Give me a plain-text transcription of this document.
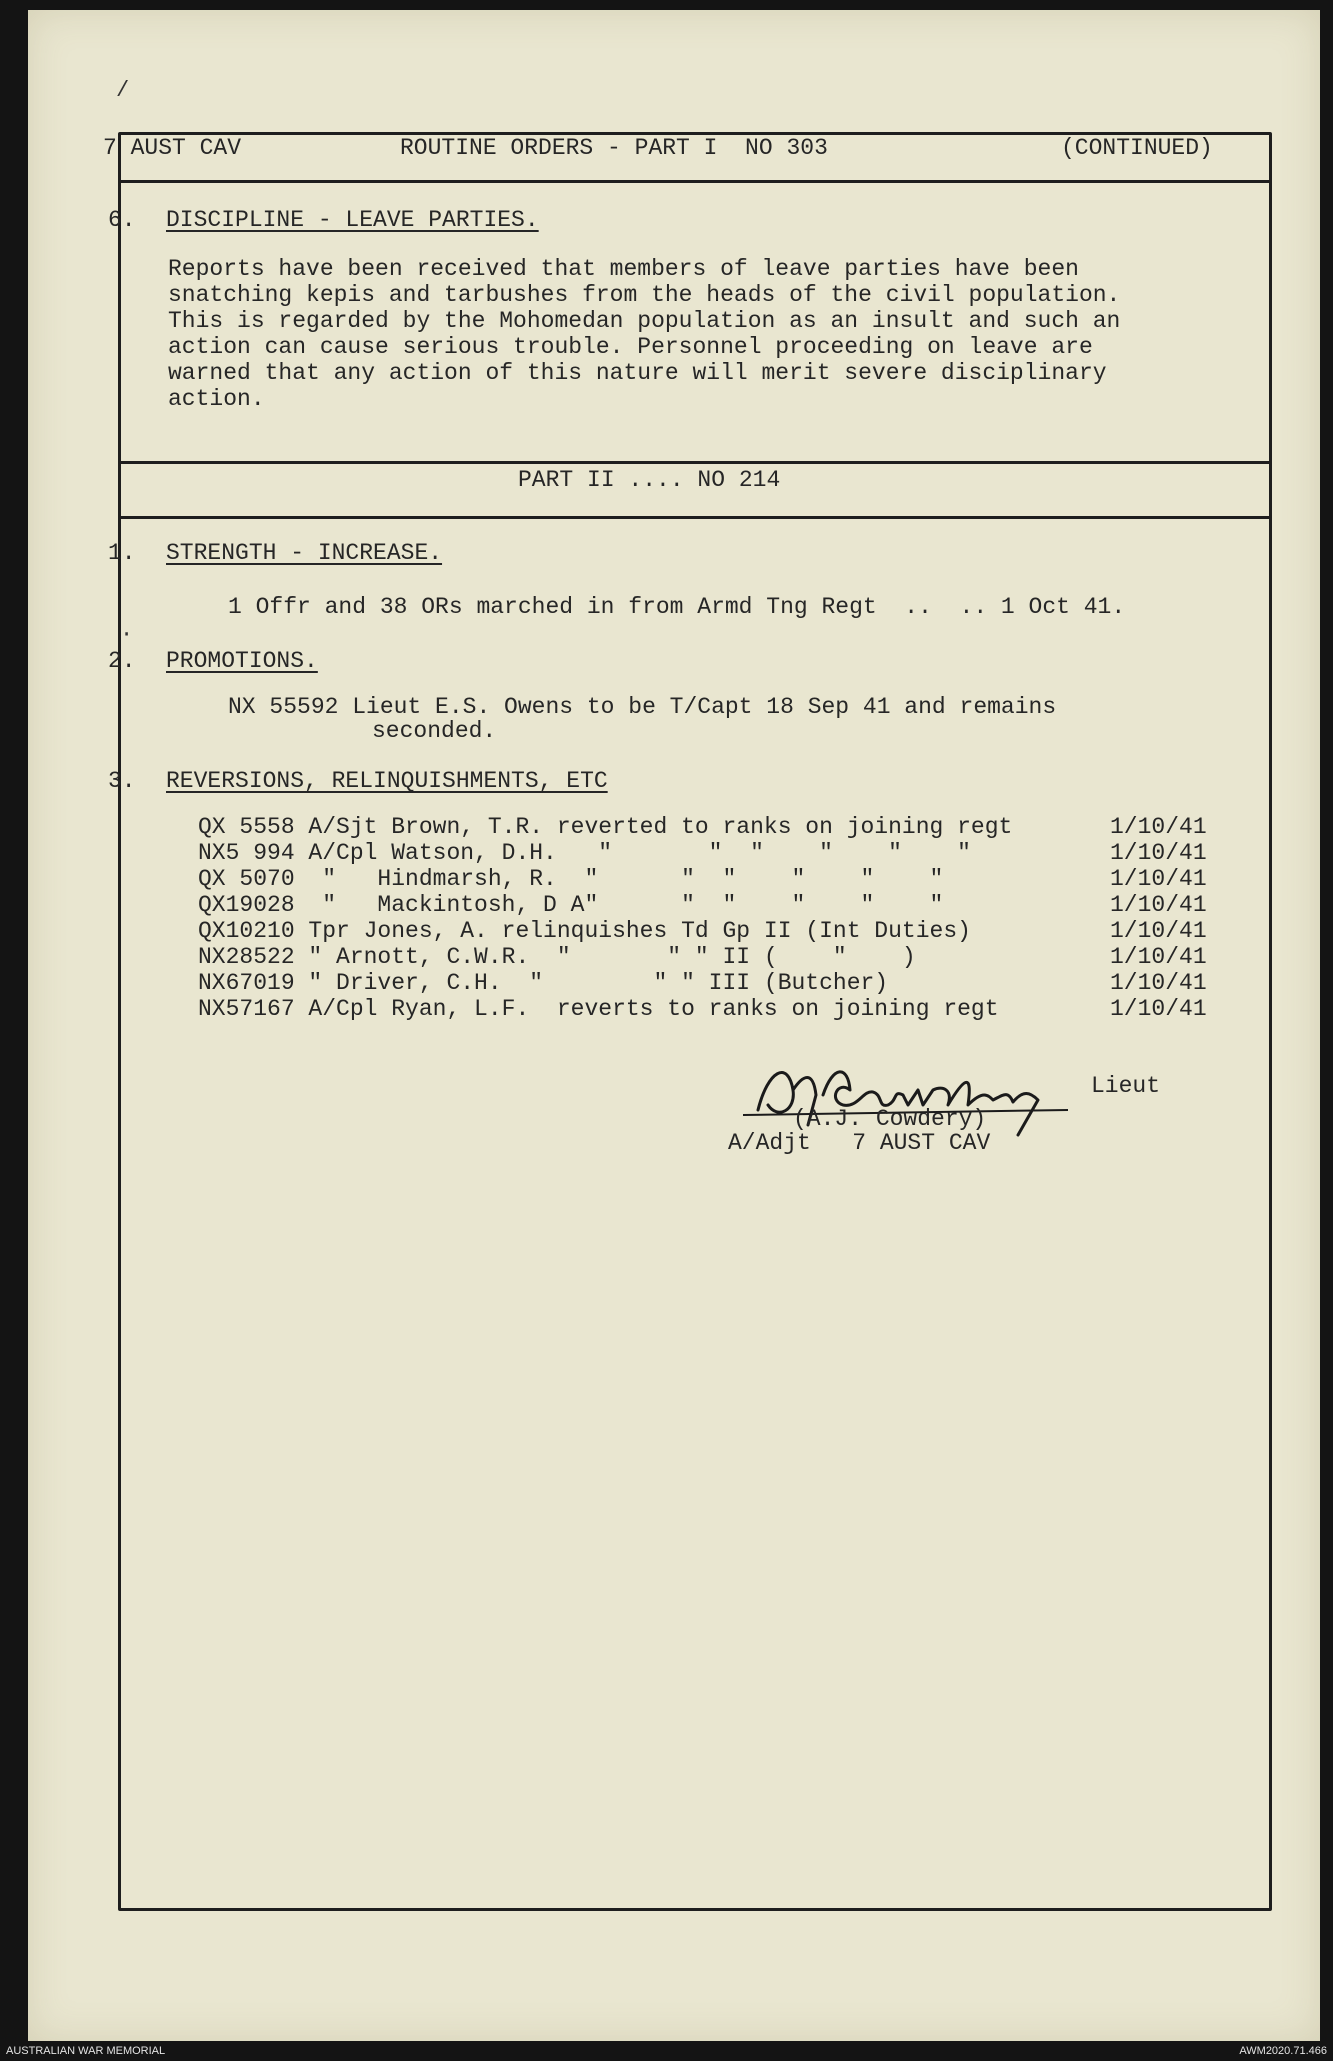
7 AUST CAV	ROUTINE ORDERS - PART I  NO 303	(CONTINUED)
6. DISCIPLINE - LEAVE PARTIES.
Reports have been received that members of leave parties have been
snatching kepis and tarbushes from the heads of the civil population.
This is regarded by the Mohomedan population as an insult and such an
action can cause serious trouble. Personnel proceeding on leave are
warned that any action of this nature will merit severe disciplinary
action.
PART II .... NO 214
1. STRENGTH - INCREASE.
1 Offr and 38 ORs marched in from Armd Tng Regt  ..  .. 1 Oct 41.
2. PROMOTIONS.
NX 55592 Lieut E.S. Owens to be T/Capt 18 Sep 41 and remains
seconded.
3. REVERSIONS, RELINQUISHMENTS, ETC
QX 5558 A/Sjt Brown, T.R. reverted to ranks on joining regt	1/10/41
NX5 994 A/Cpl Watson, D.H.   "       "  "    "    "    "	1/10/41
QX 5070  "   Hindmarsh, R.  "      "  "    "    "    "	1/10/41
QX19028  "   Mackintosh, D A"      "  "    "    "    "	1/10/41
QX10210 Tpr Jones, A. relinquishes Td Gp II (Int Duties)	1/10/41
NX28522 " Arnott, C.W.R.  "       " " II (    "    )	1/10/41
NX67019 " Driver, C.H.  "        " " III (Butcher)	1/10/41
NX57167 A/Cpl Ryan, L.F.  reverts to ranks on joining regt	1/10/41
Lieut
(A.J. Cowdery)
A/Adjt   7 AUST CAV
/
·
AUSTRALIAN WAR MEMORIAL	AWM2020.71.466
